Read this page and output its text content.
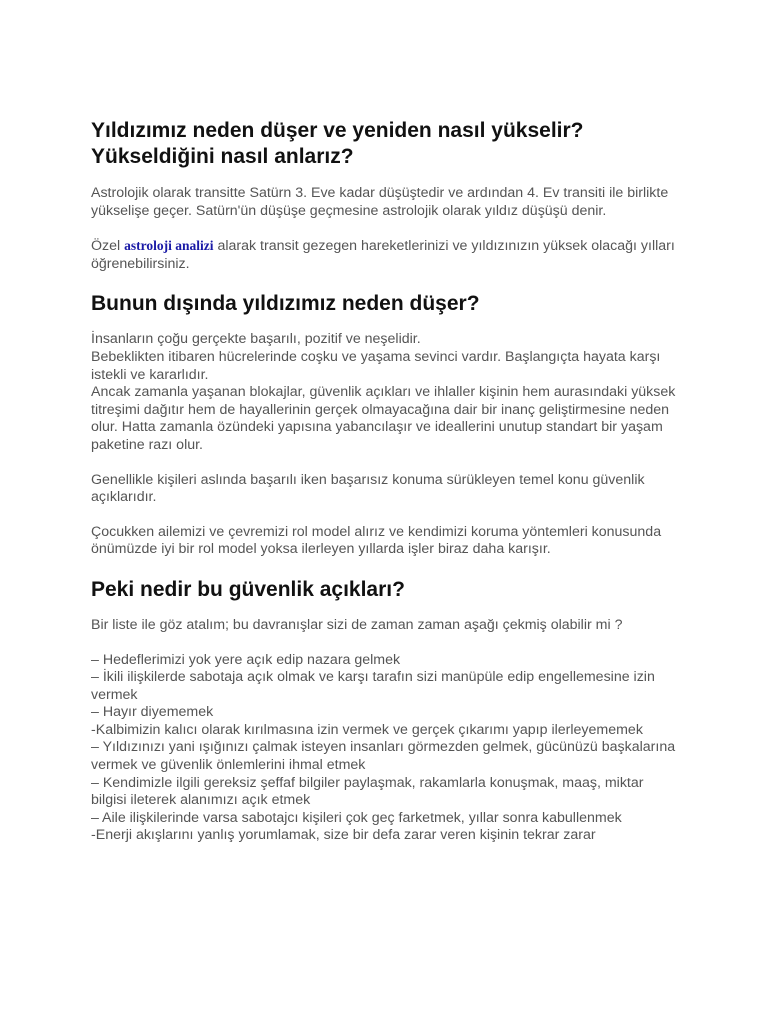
Yıldızımız neden düşer ve yeniden nasıl yükselir? Yükseldiğini nasıl anlarız?

Astrolojik olarak transitte Satürn 3. Eve kadar düşüştedir ve ardından 4. Ev transiti ile birlikte yükselişe geçer. Satürn'ün düşüşe geçmesine astrolojik olarak yıldız düşüşü denir.

Özel astroloji analizi alarak transit gezegen hareketlerinizi ve yıldızınızın yüksek olacağı yılları öğrenebilirsiniz.

Bunun dışında yıldızımız neden düşer?

İnsanların çoğu gerçekte başarılı, pozitif ve neşelidir.
Bebeklikten itibaren hücrelerinde coşku ve yaşama sevinci vardır. Başlangıçta hayata karşı istekli ve kararlıdır.
Ancak zamanla yaşanan blokajlar, güvenlik açıkları ve ihlaller kişinin hem aurasındaki yüksek titreşimi dağıtır hem de hayallerinin gerçek olmayacağına dair bir inanç geliştirmesine neden olur. Hatta zamanla özündeki yapısına yabancılaşır ve ideallerini unutup standart bir yaşam paketine razı olur.

Genellikle kişileri aslında başarılı iken başarısız konuma sürükleyen temel konu güvenlik açıklarıdır.

Çocukken ailemizi ve çevremizi rol model alırız ve kendimizi koruma yöntemleri konusunda önümüzde iyi bir rol model yoksa ilerleyen yıllarda işler biraz daha karışır.

Peki nedir bu güvenlik açıkları?

Bir liste ile göz atalım; bu davranışlar sizi de zaman zaman aşağı çekmiş olabilir mi ?

– Hedeflerimizi yok yere açık edip nazara gelmek
– İkili ilişkilerde sabotaja açık olmak ve karşı tarafın sizi manüpüle edip engellemesine izin vermek
– Hayır diyememek
-Kalbimizin kalıcı olarak kırılmasına izin vermek ve gerçek çıkarımı yapıp ilerleyememek
– Yıldızınızı yani ışığınızı çalmak isteyen insanları görmezden gelmek, gücünüzü başkalarına vermek ve güvenlik önlemlerini ihmal etmek
– Kendimizle ilgili gereksiz şeffaf bilgiler paylaşmak, rakamlarla konuşmak, maaş, miktar bilgisi ileterek alanımızı açık etmek
– Aile ilişkilerinde varsa sabotajcı kişileri çok geç farketmek, yıllar sonra kabullenmek
-Enerji akışlarını yanlış yorumlamak, size bir defa zarar veren kişinin tekrar zarar
